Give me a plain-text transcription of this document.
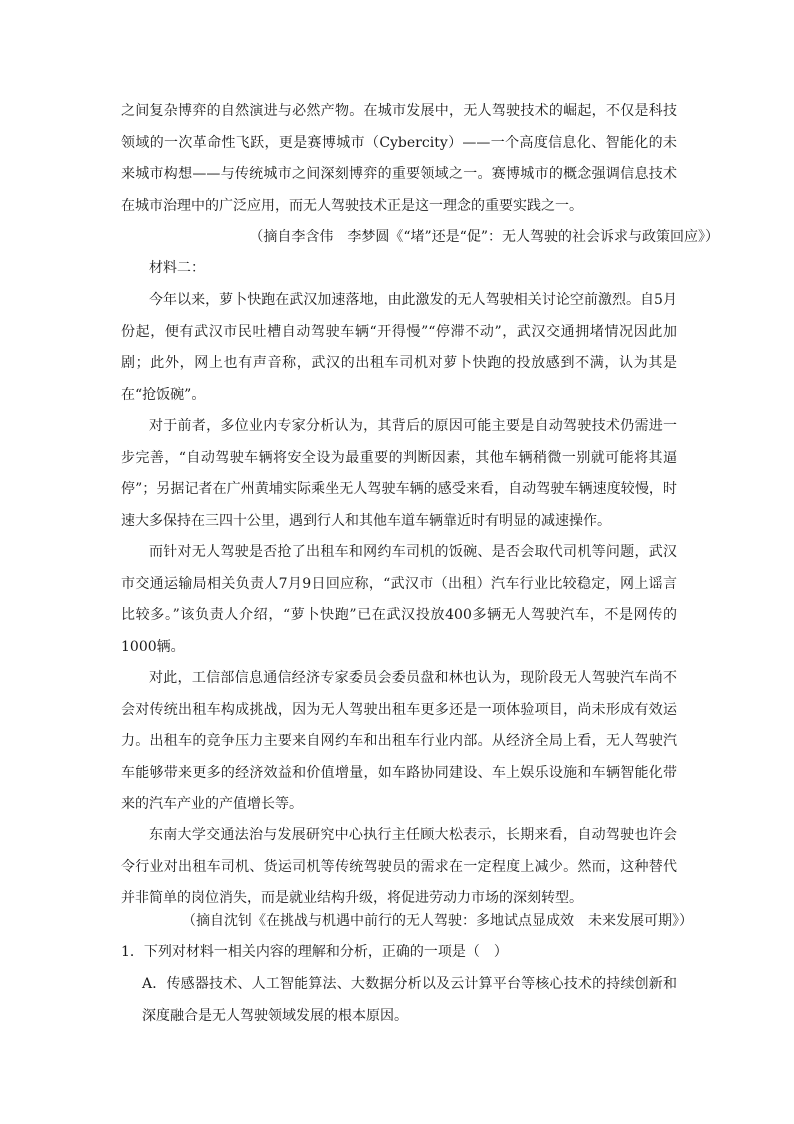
之间复杂博弈的自然演进与必然产物。在城市发展中，无人驾驶技术的崛起，不仅是科技领域的一次革命性飞跃，更是赛博城市（Cybercity）——一个高度信息化、智能化的未来城市构想——与传统城市之间深刻博弈的重要领域之一。赛博城市的概念强调信息技术在城市治理中的广泛应用，而无人驾驶技术正是这一理念的重要实践之一。

（摘自李含伟　李梦圆《“堵”还是“促”：无人驾驶的社会诉求与政策回应》）

材料二：

今年以来，萝卜快跑在武汉加速落地，由此激发的无人驾驶相关讨论空前激烈。自5月份起，便有武汉市民吐槽自动驾驶车辆“开得慢”“停滞不动”，武汉交通拥堵情况因此加剧；此外，网上也有声音称，武汉的出租车司机对萝卜快跑的投放感到不满，认为其是在“抢饭碗”。

对于前者，多位业内专家分析认为，其背后的原因可能主要是自动驾驶技术仍需进一步完善，“自动驾驶车辆将安全设为最重要的判断因素，其他车辆稍微一别就可能将其逼停”；另据记者在广州黄埔实际乘坐无人驾驶车辆的感受来看，自动驾驶车辆速度较慢，时速大多保持在三四十公里，遇到行人和其他车道车辆靠近时有明显的减速操作。

而针对无人驾驶是否抢了出租车和网约车司机的饭碗、是否会取代司机等问题，武汉市交通运输局相关负责人7月9日回应称，“武汉市（出租）汽车行业比较稳定，网上谣言比较多。”该负责人介绍，“萝卜快跑”已在武汉投放400多辆无人驾驶汽车，不是网传的1000辆。

对此，工信部信息通信经济专家委员会委员盘和林也认为，现阶段无人驾驶汽车尚不会对传统出租车构成挑战，因为无人驾驶出租车更多还是一项体验项目，尚未形成有效运力。出租车的竞争压力主要来自网约车和出租车行业内部。从经济全局上看，无人驾驶汽车能够带来更多的经济效益和价值增量，如车路协同建设、车上娱乐设施和车辆智能化带来的汽车产业的产值增长等。

东南大学交通法治与发展研究中心执行主任顾大松表示，长期来看，自动驾驶也许会令行业对出租车司机、货运司机等传统驾驶员的需求在一定程度上减少。然而，这种替代并非简单的岗位消失，而是就业结构升级，将促进劳动力市场的深刻转型。

（摘自沈钊《在挑战与机遇中前行的无人驾驶：多地试点显成效　未来发展可期》）

1．下列对材料一相关内容的理解和分析，正确的一项是（　）

A．传感器技术、人工智能算法、大数据分析以及云计算平台等核心技术的持续创新和深度融合是无人驾驶领域发展的根本原因。
